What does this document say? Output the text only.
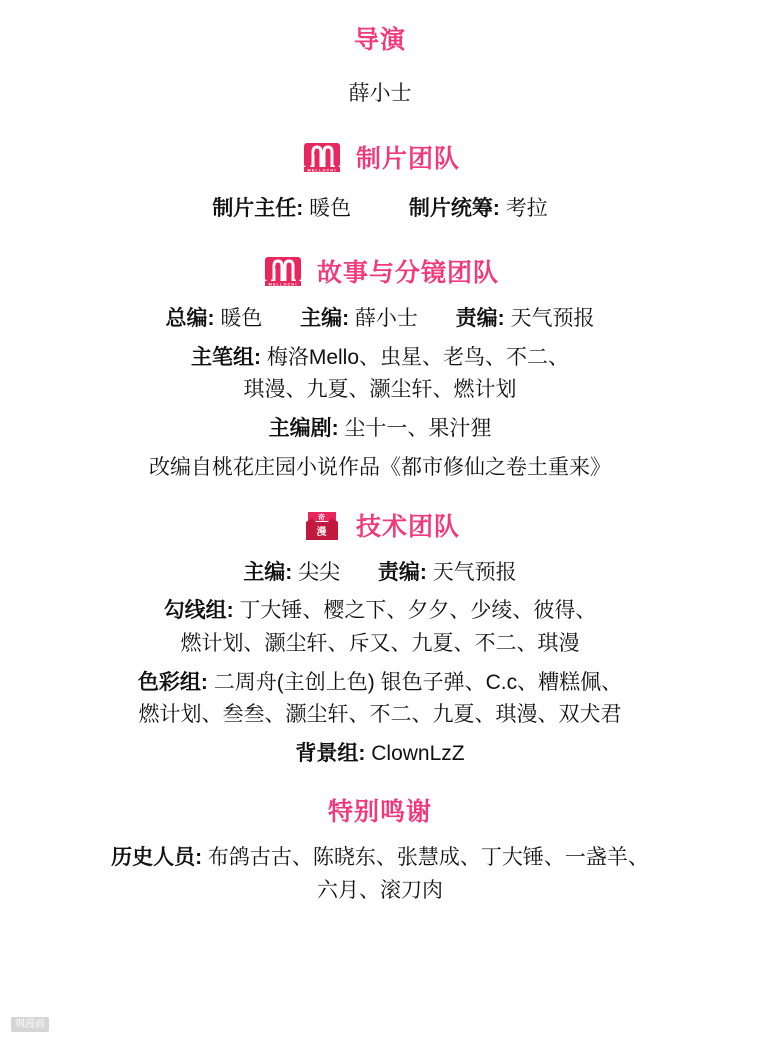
导演
薛小士
MELLOCHI 制片团队
制片主任: 暖色	制片统筹: 考拉
MELLOCHI 故事与分镜团队
总编: 暖色 主编: 薛小士 责编: 天气预报
主笔组: 梅洛Mello、虫星、老鸟、不二、
琪漫、九夏、灏尘轩、燃计划
主编剧: 尘十一、果汁狸
改编自桃花庄园小说作品《都市修仙之卷土重来》
奇
漫 技术团队
主编: 尖尖 责编: 天气预报
勾线组: 丁大锤、樱之下、夕夕、少绫、彼得、
燃计划、灏尘轩、斥又、九夏、不二、琪漫
色彩组: 二周舟(主创上色) 银色子弹、C.c、糟糕佩、
燃计划、叁叁、灏尘轩、不二、九夏、琪漫、双犬君
背景组: ClownLzZ
特别鸣谢
历史人员: 布鸽古古、陈晓东、张慧成、丁大锤、一盏羊、
六月、滚刀肉
飒漫画
